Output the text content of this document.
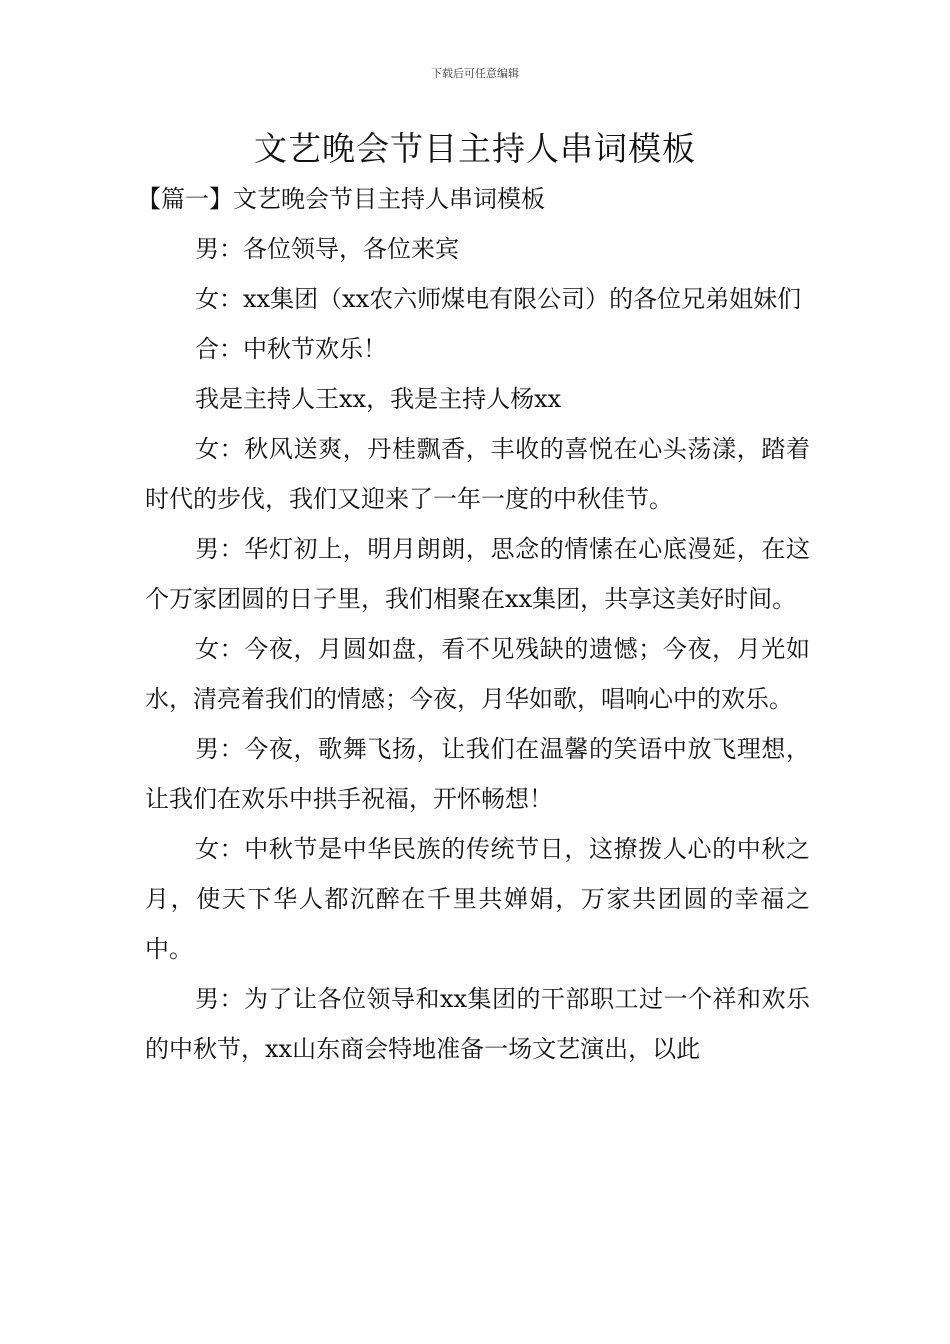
下载后可任意编辑
文艺晚会节目主持人串词模板

【篇一】文艺晚会节目主持人串词模板

男：各位领导，各位来宾

女：xx集团（xx农六师煤电有限公司）的各位兄弟姐妹们

合：中秋节欢乐！

我是主持人王xx，我是主持人杨xx

女：秋风送爽，丹桂飘香，丰收的喜悦在心头荡漾，踏着时代的步伐，我们又迎来了一年一度的中秋佳节。

男：华灯初上，明月朗朗，思念的情愫在心底漫延，在这个万家团圆的日子里，我们相聚在xx集团，共享这美好时间。

女：今夜，月圆如盘，看不见残缺的遗憾；今夜，月光如水，清亮着我们的情感；今夜，月华如歌，唱响心中的欢乐。

男：今夜，歌舞飞扬，让我们在温馨的笑语中放飞理想，让我们在欢乐中拱手祝福，开怀畅想！

女：中秋节是中华民族的传统节日，这撩拨人心的中秋之月，使天下华人都沉醉在千里共婵娟，万家共团圆的幸福之中。

男：为了让各位领导和xx集团的干部职工过一个祥和欢乐的中秋节，xx山东商会特地准备一场文艺演出，以此
